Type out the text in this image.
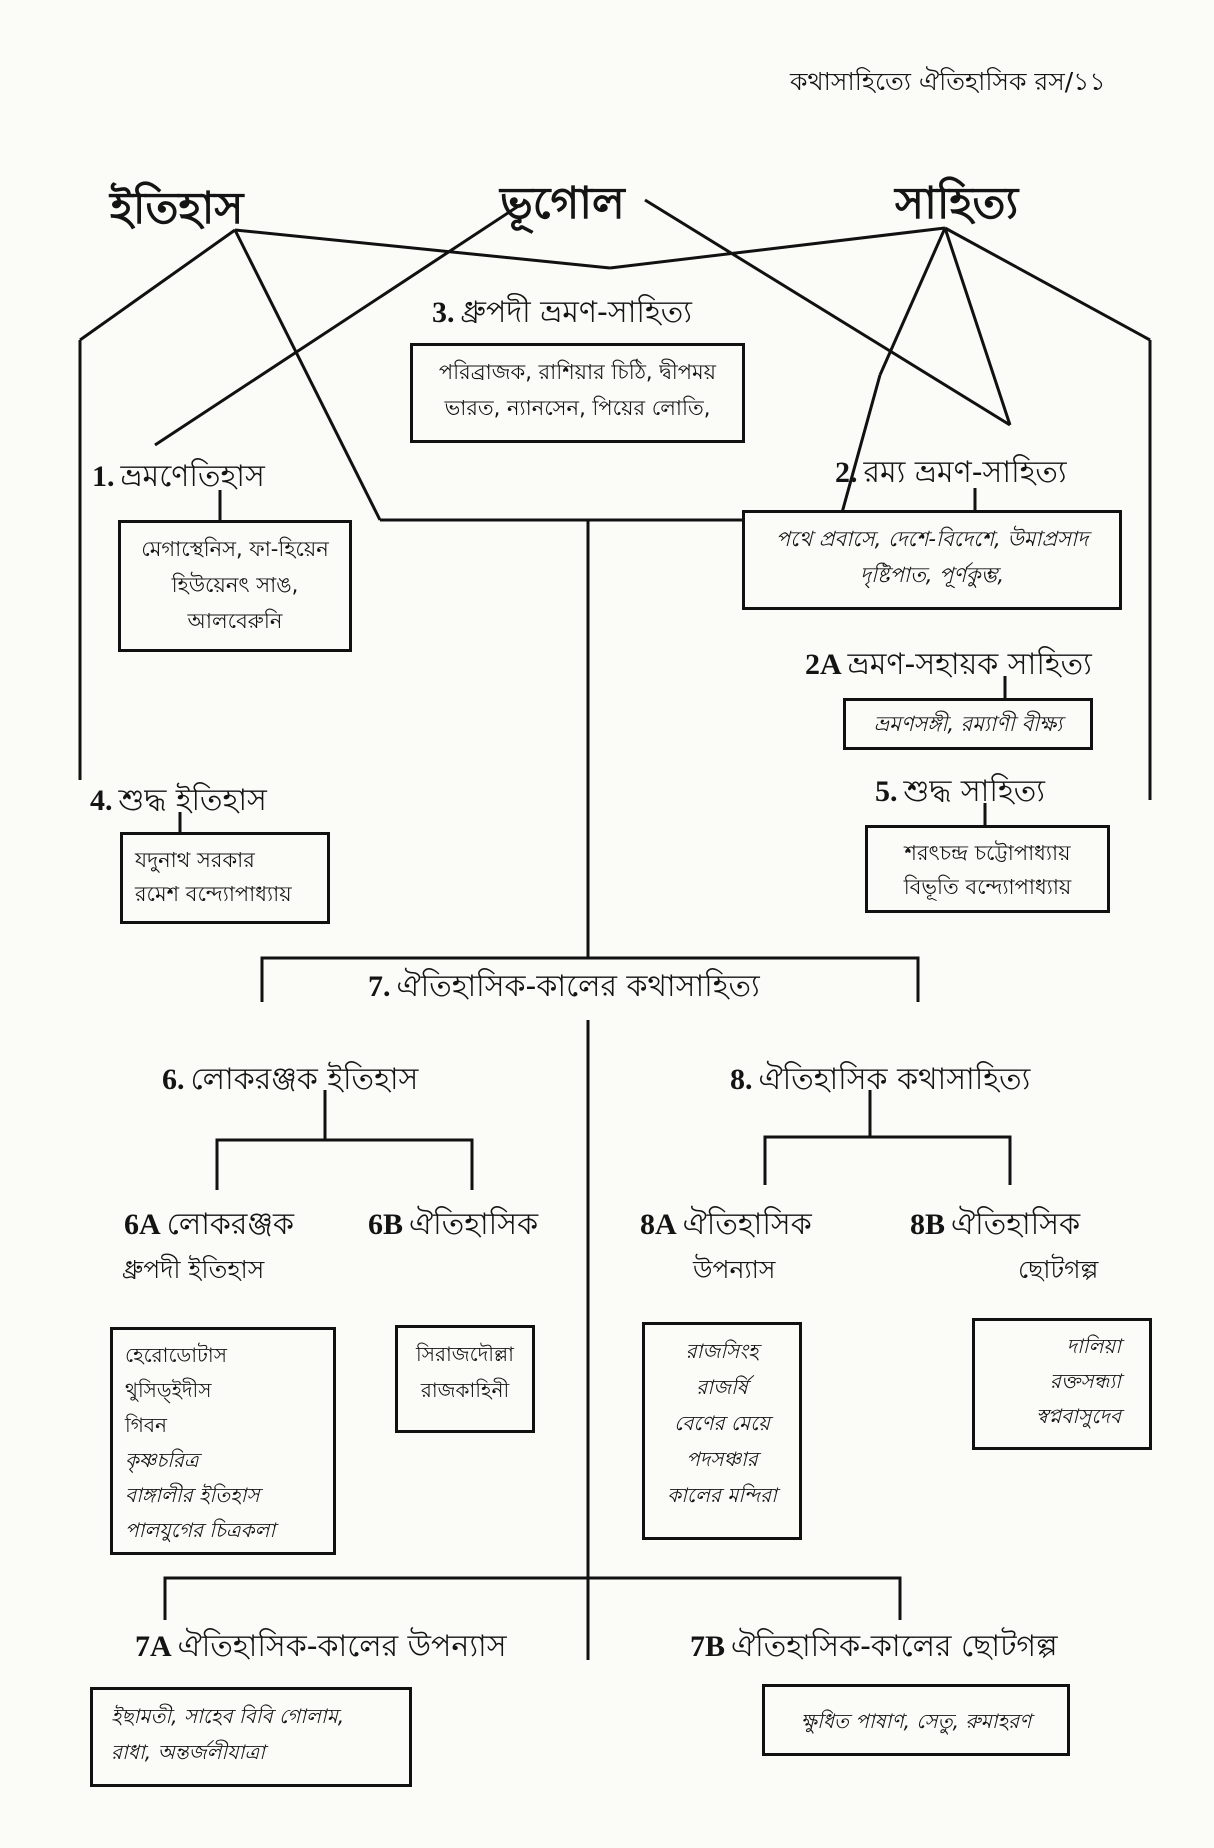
কথাসাহিত্যে ঐতিহাসিক রস/১১
ইতিহাস	ভূগোল	সাহিত্য
3. ধ্রুপদী ভ্রমণ-সাহিত্য
পরিব্রাজক, রাশিয়ার চিঠি, দ্বীপময়
ভারত, ন্যানসেন, পিয়ের লোতি,
1. ভ্রমণেতিহাস
মেগাস্থেনিস, ফা-হিয়েন
হিউয়েনৎ সাঙ,
আলবেরুনি
2. রম্য ভ্রমণ-সাহিত্য
পথে প্রবাসে, দেশে-বিদেশে, উমাপ্রসাদ
দৃষ্টিপাত, পূর্ণকুম্ভ,
2A ভ্রমণ-সহায়ক সাহিত্য
ভ্রমণসঙ্গী, রম্যাণী বীক্ষ্য
4. শুদ্ধ ইতিহাস
যদুনাথ সরকার
রমেশ বন্দ্যোপাধ্যায়
5. শুদ্ধ সাহিত্য
শরৎচন্দ্র চট্টোপাধ্যায়
বিভূতি বন্দ্যোপাধ্যায়
7. ঐতিহাসিক-কালের কথাসাহিত্য
6. লোকরঞ্জক ইতিহাস	8. ঐতিহাসিক কথাসাহিত্য
6A লোকরঞ্জক
ধ্রুপদী ইতিহাস
হেরোডোটাস
থুসিড্ইদীস
গিবন
কৃষ্ণচরিত্র
বাঙ্গালীর ইতিহাস
পালযুগের চিত্রকলা
6B ঐতিহাসিক
সিরাজদৌল্লা
রাজকাহিনী
8A ঐতিহাসিক
উপন্যাস
রাজসিংহ
রাজর্ষি
বেণের মেয়ে
পদসঞ্চার
কালের মন্দিরা
8B ঐতিহাসিক
ছোটগল্প
দালিয়া
রক্তসন্ধ্যা
স্বপ্নবাসুদেব
7A ঐতিহাসিক-কালের উপন্যাস
ইছামতী, সাহেব বিবি গোলাম,
রাধা, অন্তর্জলীযাত্রা
7B ঐতিহাসিক-কালের ছোটগল্প
ক্ষুধিত পাষাণ, সেতু, রুমাহরণ
